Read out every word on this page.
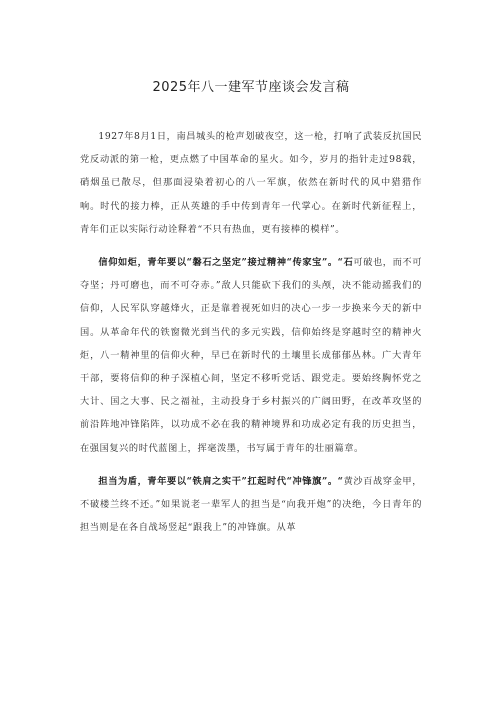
2025年八一建军节座谈会发言稿

1927年8月1日，南昌城头的枪声划破夜空，这一枪，打响了武装反抗国民党反动派的第一枪，更点燃了中国革命的星火。如今，岁月的指针走过98载，硝烟虽已散尽，但那面浸染着初心的八一军旗，依然在新时代的风中猎猎作响。时代的接力棒，正从英雄的手中传到青年一代掌心。在新时代新征程上，青年们正以实际行动诠释着“不只有热血，更有接棒的模样”。

信仰如炬，青年要以“磐石之坚定”接过精神“传家宝”。“石可破也，而不可夺坚；丹可磨也，而不可夺赤。”敌人只能砍下我们的头颅，决不能动摇我们的信仰，人民军队穿越烽火，正是靠着视死如归的决心一步一步换来今天的新中国。从革命年代的铁窗微光到当代的多元实践，信仰始终是穿越时空的精神火炬，八一精神里的信仰火种，早已在新时代的土壤里长成郁郁丛林。广大青年干部，要将信仰的种子深植心间，坚定不移听党话、跟党走。要始终胸怀党之大计、国之大事、民之福祉，主动投身于乡村振兴的广阔田野，在改革攻坚的前沿阵地冲锋陷阵，以功成不必在我的精神境界和功成必定有我的历史担当，在强国复兴的时代蓝图上，挥毫泼墨，书写属于青年的壮丽篇章。

担当为盾，青年要以“铁肩之实干”扛起时代“冲锋旗”。“黄沙百战穿金甲，不破楼兰终不还。”如果说老一辈军人的担当是“向我开炮”的决绝，今日青年的担当则是在各自战场竖起“跟我上”的冲锋旗。从革
